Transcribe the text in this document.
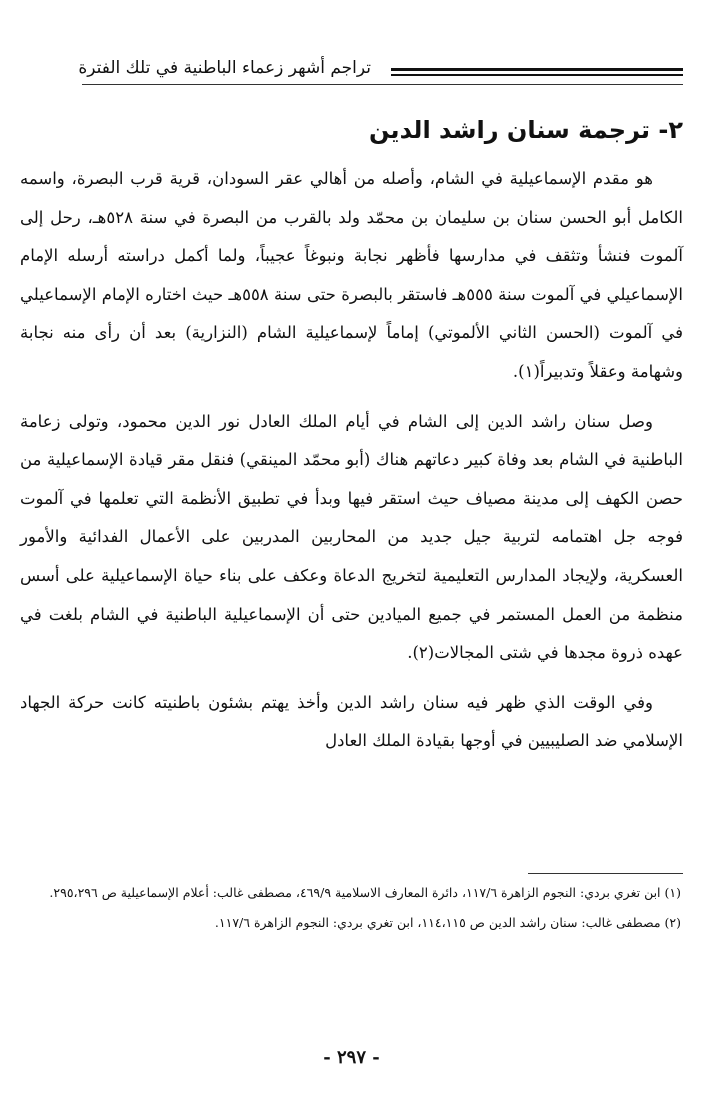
تراجم أشهر زعماء الباطنية في تلك الفترة
٢- ترجمة سنان راشد الدين

هو مقدم الإسماعيلية في الشام، وأصله من أهالي عقر السودان، قرية قرب البصرة، واسمه الكامل أبو الحسن سنان بن سليمان بن محمّد ولد بالقرب من البصرة في سنة ٥٢٨هـ، رحل إلى آلموت فنشأ وتثقف في مدارسها فأظهر نجابة ونبوغاً عجيباً، ولما أكمل دراسته أرسله الإمام الإسماعيلي في آلموت سنة ٥٥٥هـ فاستقر بالبصرة حتى سنة ٥٥٨هـ حيث اختاره الإمام الإسماعيلي في آلموت (الحسن الثاني الألموتي) إماماً لإسماعيلية الشام (النزارية) بعد أن رأى منه نجابة وشهامة وعقلاً وتدبيراً(١).

وصل سنان راشد الدين إلى الشام في أيام الملك العادل نور الدين محمود، وتولى زعامة الباطنية في الشام بعد وفاة كبير دعاتهم هناك (أبو محمّد المينقي) فنقل مقر قيادة الإسماعيلية من حصن الكهف إلى مدينة مصياف حيث استقر فيها وبدأ في تطبيق الأنظمة التي تعلمها في آلموت فوجه جل اهتمامه لتربية جيل جديد من المحاربين المدربين على الأعمال الفدائية والأمور العسكرية، ولإيجاد المدارس التعليمية لتخريج الدعاة وعكف على بناء حياة الإسماعيلية على أسس منظمة من العمل المستمر في جميع الميادين حتى أن الإسماعيلية الباطنية في الشام بلغت في عهده ذروة مجدها في شتى المجالات(٢).

وفي الوقت الذي ظهر فيه سنان راشد الدين وأخذ يهتم بشئون باطنيته كانت حركة الجهاد الإسلامي ضد الصليبيين في أوجها بقيادة الملك العادل

(١) ابن تغري بردي: النجوم الزاهرة ١١٧/٦، دائرة المعارف الاسلامية ٤٦٩/٩، مصطفى غالب: أعلام الإسماعيلية ص ٢٩٥،٢٩٦.

(٢) مصطفى غالب: سنان راشد الدين ص ١١٤،١١٥، ابن تغري بردي: النجوم الزاهرة ١١٧/٦.

- ٢٩٧ -
